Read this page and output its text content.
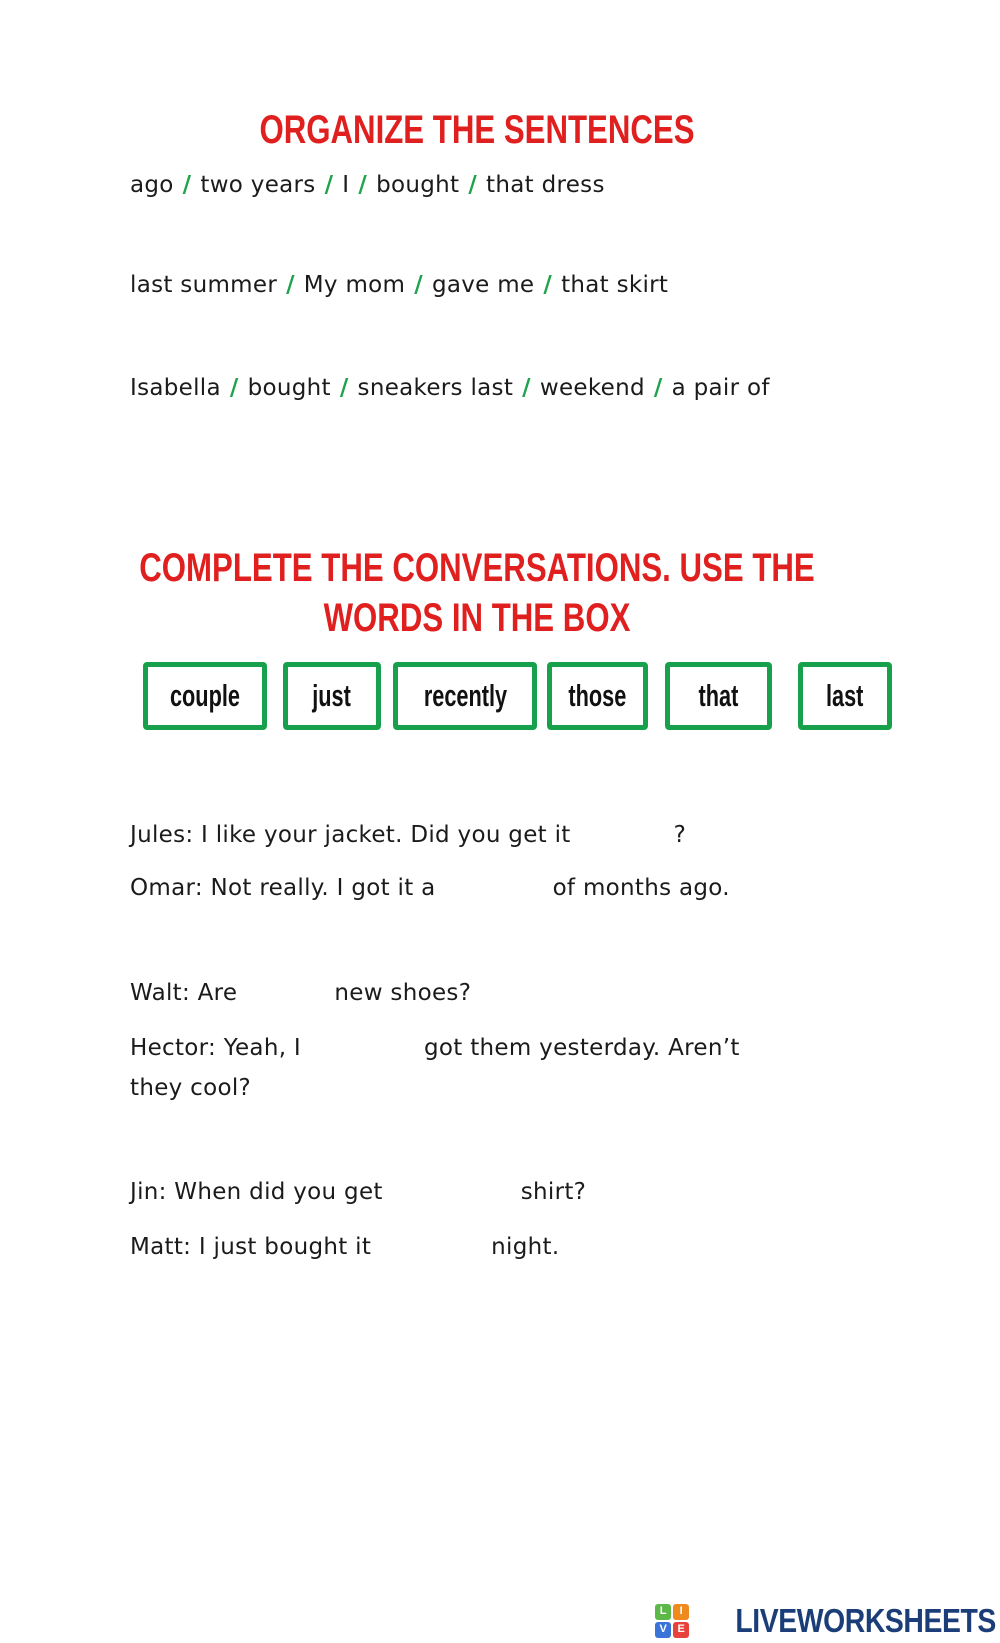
ORGANIZE THE SENTENCES
ago / two years / I / bought / that dress
last summer / My mom / gave me / that skirt
Isabella / bought / sneakers last / weekend / a pair of
COMPLETE THE CONVERSATIONS. USE THE
WORDS IN THE BOX
couple just recently those that	last
Jules: I like your jacket. Did you get it	?
Omar: Not really. I got it a	of months ago.
Walt: Are	new shoes?
Hector: Yeah, I	got them yesterday. Aren’t
they cool?
Jin: When did you get	shirt?
Matt: I just bought it	night.
L	I
V E LIVEWORKSHEETS
